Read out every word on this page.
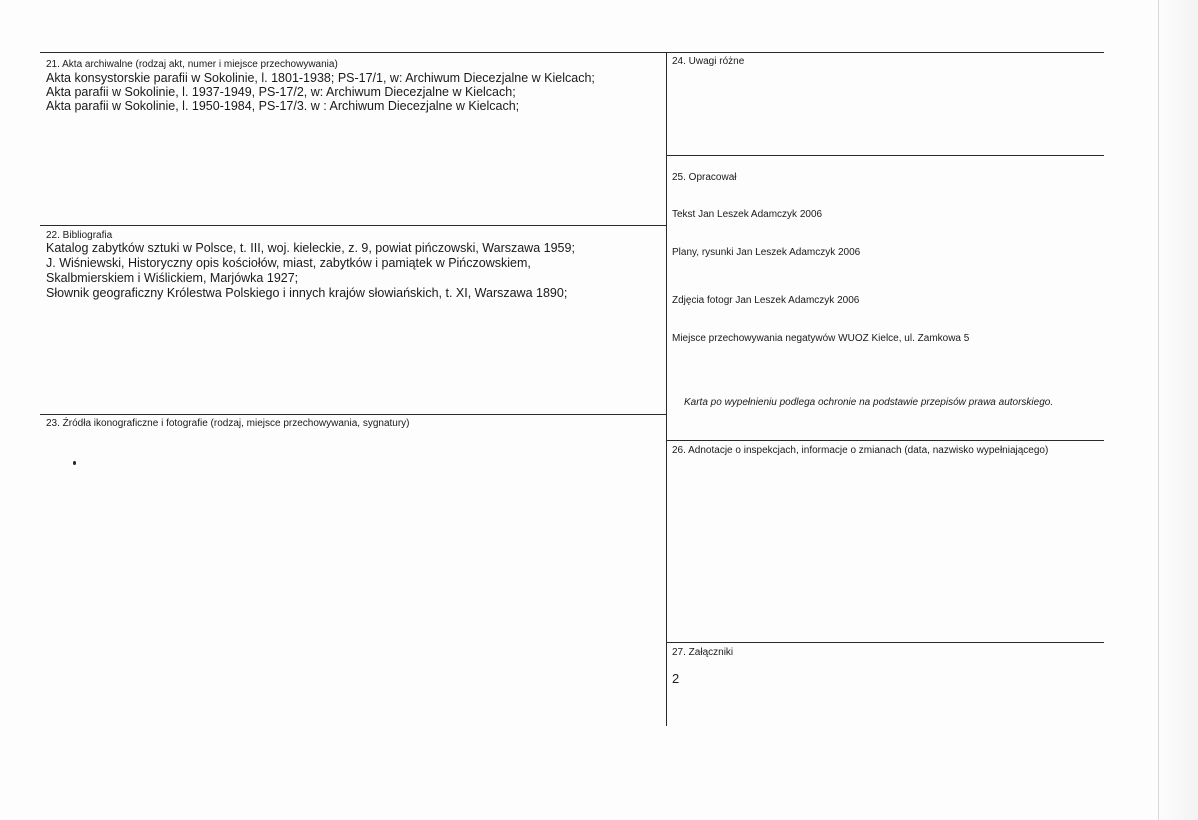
21. Akta archiwalne (rodzaj akt, numer i miejsce przechowywania)
Akta konsystorskie parafii w Sokolinie, l. 1801-1938; PS-17/1, w: Archiwum Diecezjalne w Kielcach;
Akta parafii w Sokolinie, l. 1937-1949, PS-17/2, w: Archiwum Diecezjalne w Kielcach;
Akta parafii w Sokolinie, l. 1950-1984, PS-17/3. w : Archiwum Diecezjalne w Kielcach;
22. Bibliografia
Katalog zabytków sztuki w Polsce, t. III, woj. kieleckie, z. 9, powiat pińczowski, Warszawa 1959;
J. Wiśniewski, Historyczny opis kościołów, miast, zabytków i pamiątek w Pińczowskiem,
Skalbmierskiem i Wiślickiem, Marjówka 1927;
Słownik geograficzny Królestwa Polskiego i innych krajów słowiańskich, t. XI, Warszawa 1890;
23. Źródła ikonograficzne i fotografie (rodzaj, miejsce przechowywania, sygnatury)
24. Uwagi różne
25. Opracował
Tekst Jan Leszek Adamczyk 2006
Plany, rysunki Jan Leszek Adamczyk 2006
Zdjęcia fotogr Jan Leszek Adamczyk 2006
Miejsce przechowywania negatywów WUOZ Kielce, ul. Zamkowa 5
Karta po wypełnieniu podlega ochronie na podstawie przepisów prawa autorskiego.
26. Adnotacje o inspekcjach, informacje o zmianach (data, nazwisko wypełniającego)
27. Załączniki
2
